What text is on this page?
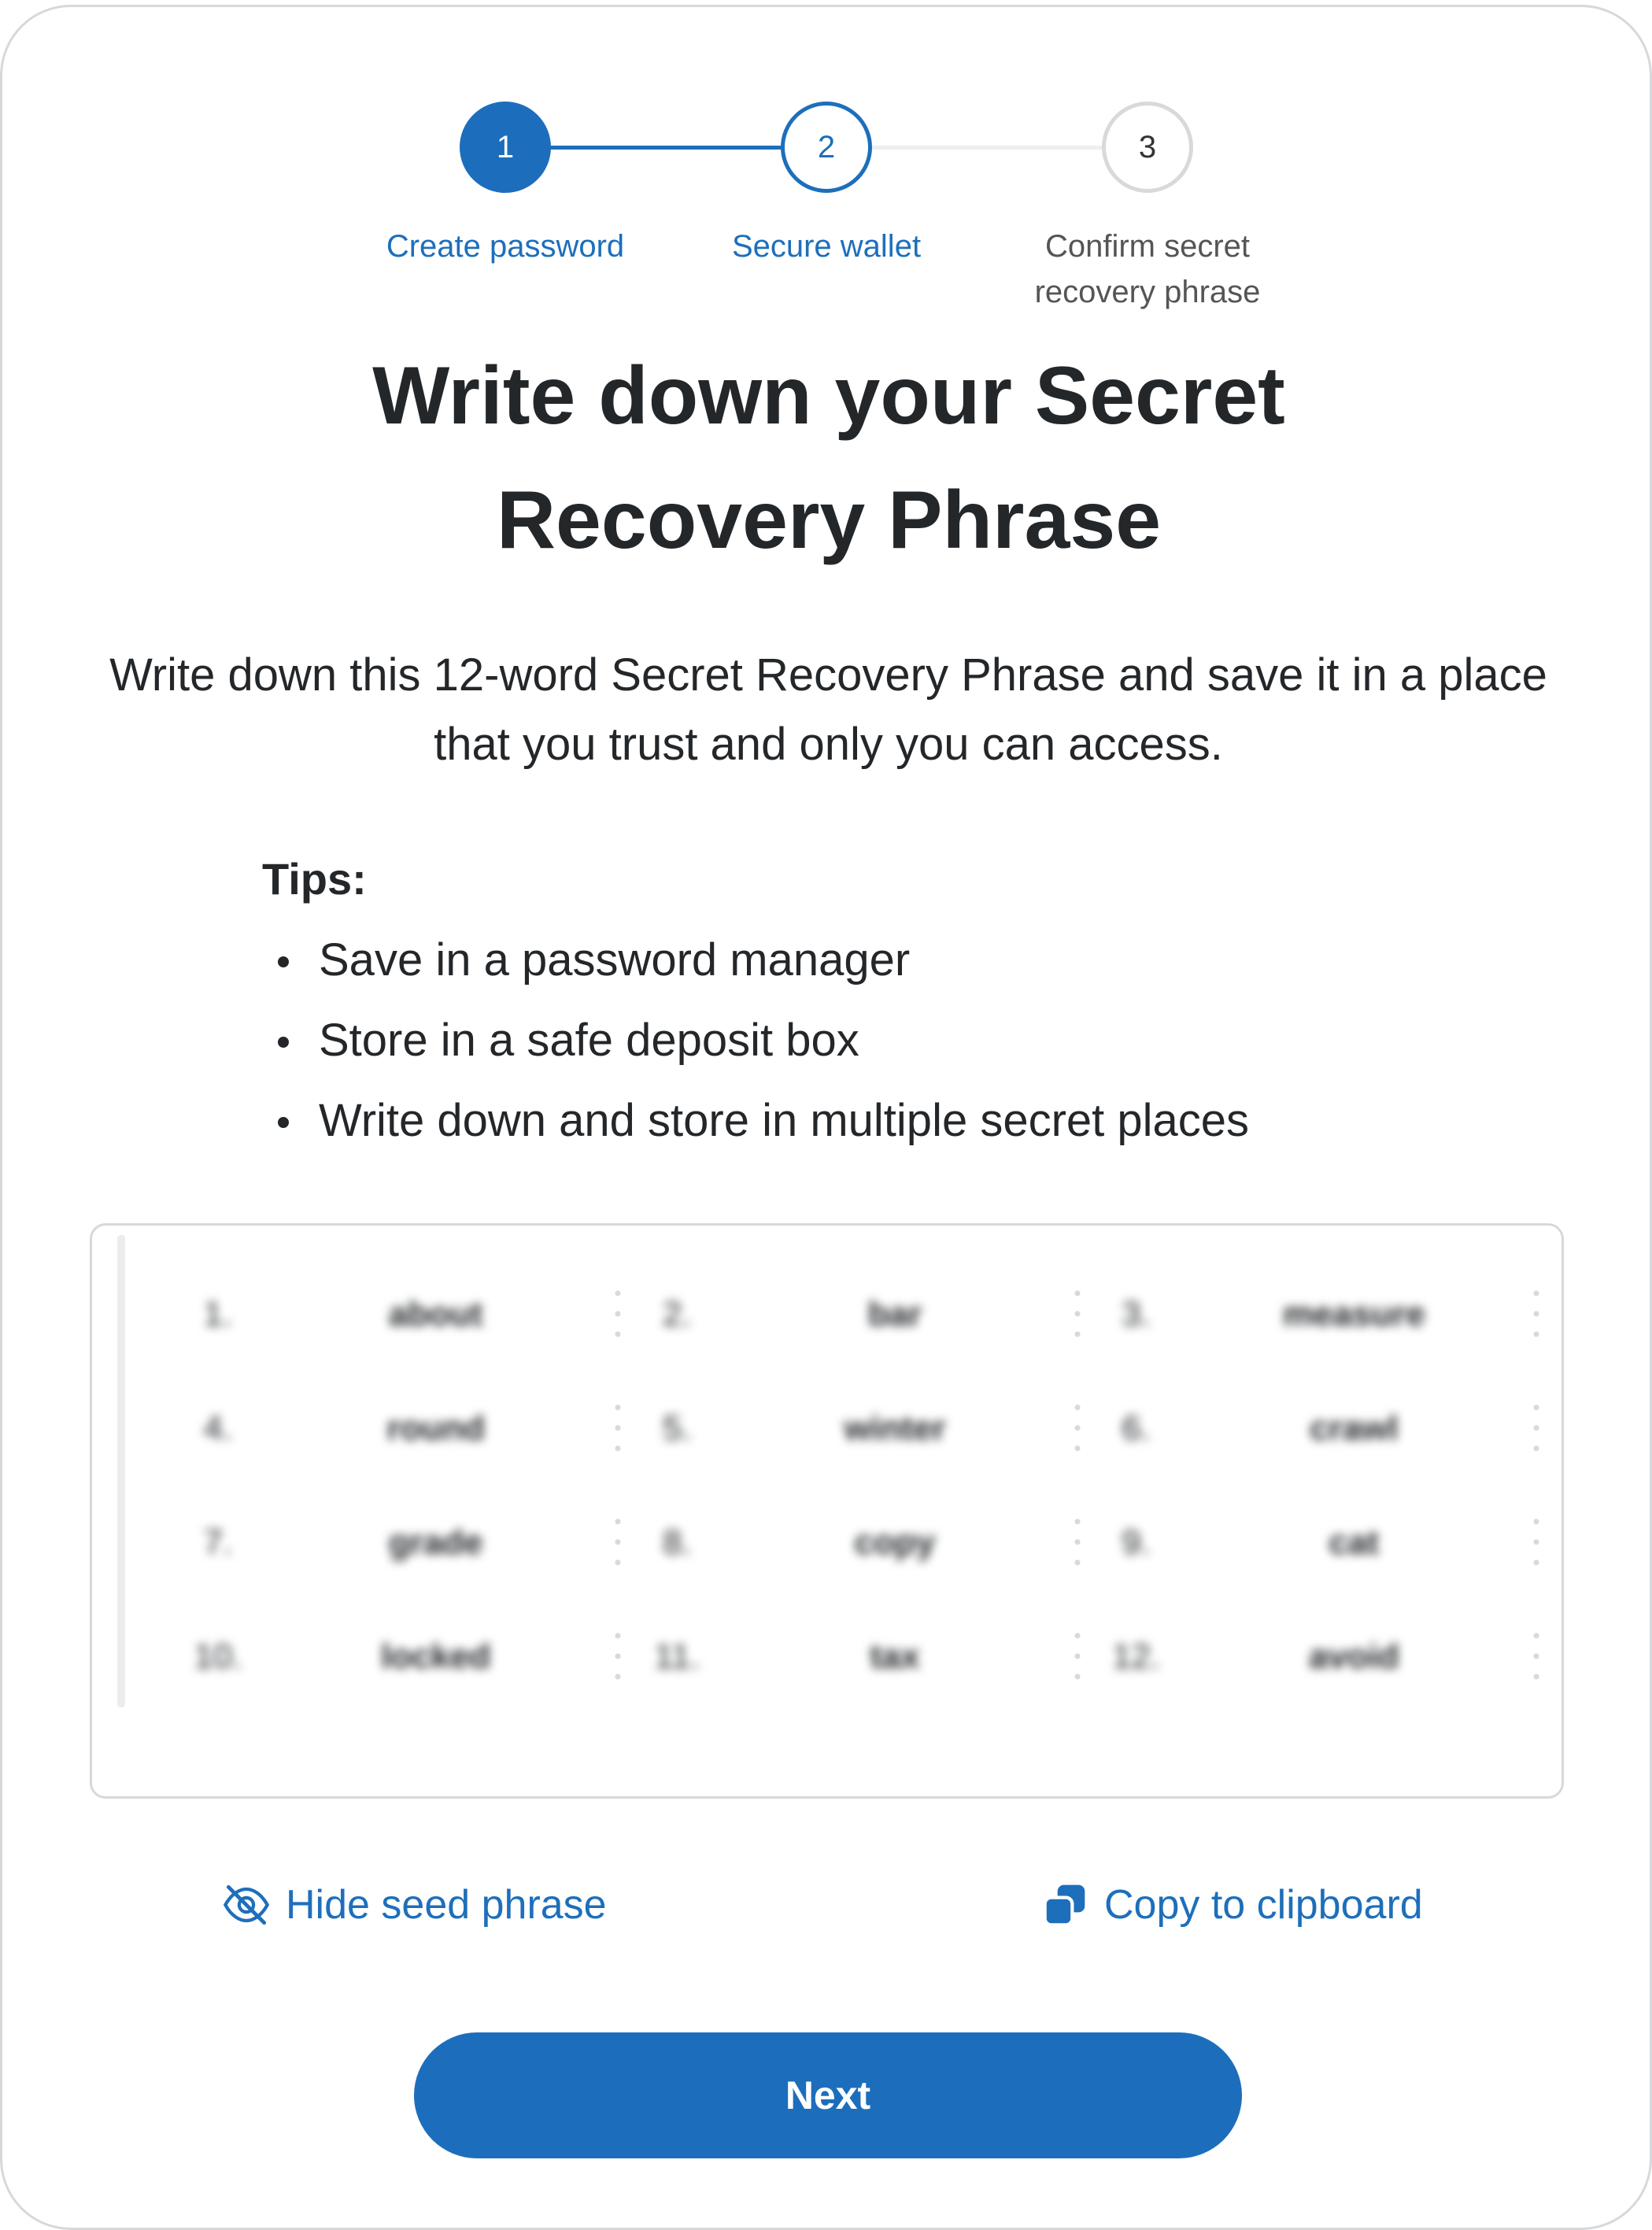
1	2	3
Create password	Secure wallet	Confirm secret recovery phrase
Write down your Secret Recovery Phrase

Write down this 12-word Secret Recovery Phrase and save it in a place that you trust and only you can access.

Tips:

Save in a password manager
Store in a safe deposit box
Write down and store in multiple secret places
1.	about	2.	bar	3.	measure
4.	round	5.	winter	6.	crawl
7.	grade	8.	copy	9.	cat
10.	locked	11.	tax	12.	avoid
Hide seed phrase	Copy to clipboard
Next
